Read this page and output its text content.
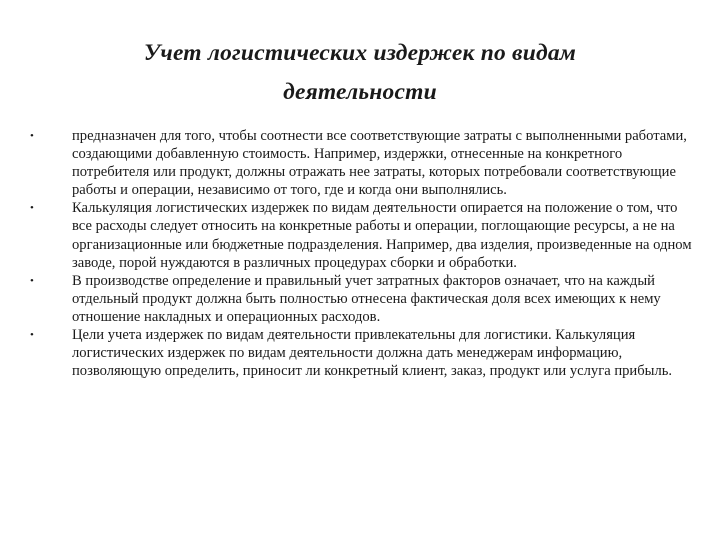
Учет логистических издержек по видам
деятельности
•	предназначен для того, чтобы соотнести все соответствующие затраты с выполненными работами, создающими добавленную стоимость. Например, издержки, отнесенные на конкретного потребителя или продукт, должны отражать нее затраты, которых потребовали соответствующие работы и операции, независимо от того, где и когда они выполнялись.
•	Калькуляция логистических издержек по видам деятельности опирается на положение о том, что все расходы следует относить на конкретные работы и операции, поглощающие ресурсы, а не на организационные или бюджетные подразделения. Например, два изделия, произведенные на одном заводе, порой нуждаются в различных процедурах сборки и обработки.
•	В производстве определение и правильный учет затратных факторов означает, что на каждый отдельный продукт должна быть полностью отнесена фактическая доля всех имеющих к нему отношение накладных и операционных расходов.
•	Цели учета издержек по видам деятельности привлекательны для логистики. Калькуляция логистических издержек по видам деятельности должна дать менеджерам информацию, позволяющую определить, приносит ли конкретный клиент, заказ, продукт или услуга прибыль.
